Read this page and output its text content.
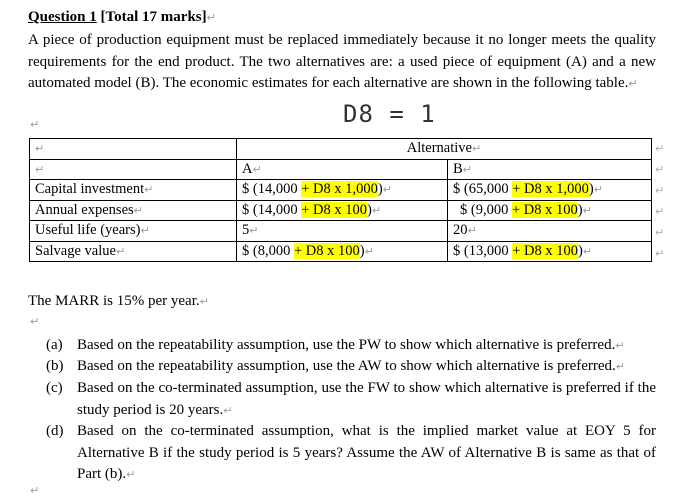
Question 1 [Total 17 marks]↵
A piece of production equipment must be replaced immediately because it no longer meets the quality requirements for the end product. The two alternatives are: a used piece of equipment (A) and a new automated model (B). The economic estimates for each alternative are shown in the following table.↵
D8 = 1
↵
↵	Alternative↵	
↵	A↵	B↵
Capital investment↵	$ (14,000 + D8 x 1,000)↵	$ (65,000 + D8 x 1,000)↵
Annual expenses↵	$ (14,000 + D8 x 100)↵	$ (9,000 + D8 x 100)↵
Useful life (years)↵	5↵	20↵
Salvage value↵	$ (8,000 + D8 x 100)↵	$ (13,000 + D8 x 100)↵
↵
↵
↵
↵
↵
↵
The MARR is 15% per year.↵
↵
(a) Based on the repeatability assumption, use the PW to show which alternative is preferred.↵
(b) Based on the repeatability assumption, use the AW to show which alternative is preferred.↵
(c) Based on the co-terminated assumption, use the FW to show which alternative is preferred if the study period is 20 years.↵
(d) Based on the co-terminated assumption, what is the implied market value at EOY 5 for Alternative B if the study period is 5 years? Assume the AW of Alternative B is same as that of Part (b).↵
↵
